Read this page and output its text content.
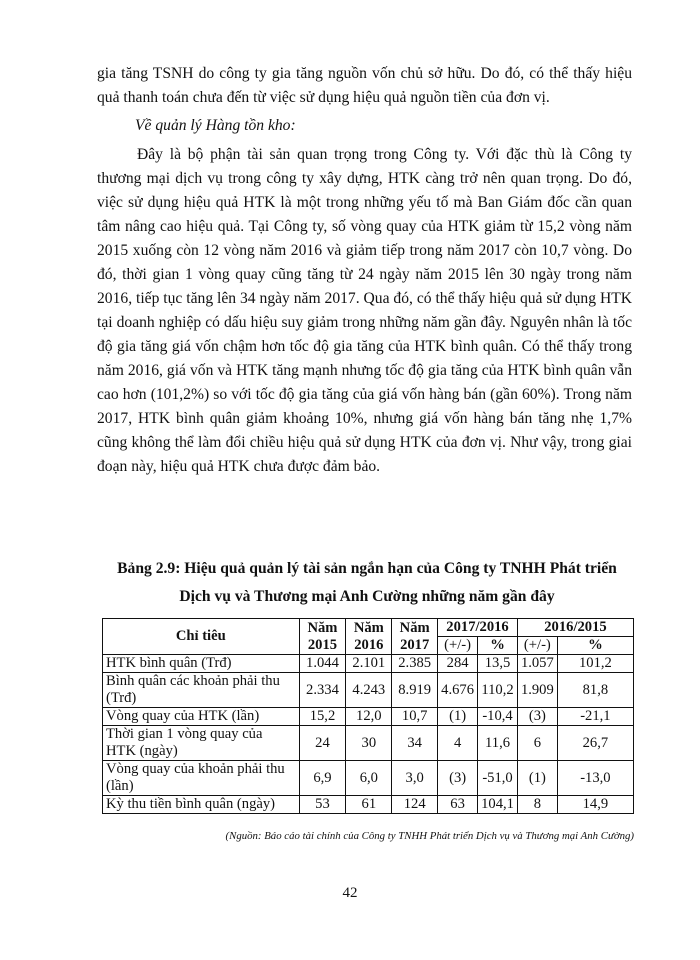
gia tăng TSNH do công ty gia tăng nguồn vốn chủ sở hữu. Do đó, có thể thấy hiệu quả thanh toán chưa đến từ việc sử dụng hiệu quả nguồn tiền của đơn vị.

Về quản lý Hàng tồn kho:

Đây là bộ phận tài sản quan trọng trong Công ty. Với đặc thù là Công ty thương mại dịch vụ trong công ty xây dựng, HTK càng trở nên quan trọng. Do đó, việc sử dụng hiệu quả HTK là một trong những yếu tố mà Ban Giám đốc cần quan tâm nâng cao hiệu quả. Tại Công ty, số vòng quay của HTK giảm từ 15,2 vòng năm 2015 xuống còn 12 vòng năm 2016 và giảm tiếp trong năm 2017 còn 10,7 vòng. Do đó, thời gian 1 vòng quay cũng tăng từ 24 ngày năm 2015 lên 30 ngày trong năm 2016, tiếp tục tăng lên 34 ngày năm 2017. Qua đó, có thể thấy hiệu quả sử dụng HTK tại doanh nghiệp có dấu hiệu suy giảm trong những năm gần đây. Nguyên nhân là tốc độ gia tăng giá vốn chậm hơn tốc độ gia tăng của HTK bình quân. Có thể thấy trong năm 2016, giá vốn và HTK tăng mạnh nhưng tốc độ gia tăng của HTK bình quân vẫn cao hơn (101,2%) so với tốc độ gia tăng của giá vốn hàng bán (gần 60%). Trong năm 2017, HTK bình quân giảm khoảng 10%, nhưng giá vốn hàng bán tăng nhẹ 1,7% cũng không thể làm đổi chiều hiệu quả sử dụng HTK của đơn vị. Như vậy, trong giai đoạn này, hiệu quả HTK chưa được đảm bảo.

Bảng 2.9: Hiệu quả quản lý tài sản ngắn hạn của Công ty TNHH Phát triển

Dịch vụ và Thương mại Anh Cường những năm gần đây

Chỉ tiêu	Năm 2015	Năm 2016	Năm 2017	2017/2016		2016/2015	
				(+/-)	%	(+/-)	%
HTK bình quân (Trđ)	1.044	2.101	2.385	284	13,5	1.057	101,2
Bình quân các khoản phải thu (Trđ)	2.334	4.243	8.919	4.676	110,2	1.909	81,8
Vòng quay của HTK (lần)	15,2	12,0	10,7	(1)	-10,4	(3)	-21,1
Thời gian 1 vòng quay của HTK (ngày)	24	30	34	4	11,6	6	26,7
Vòng quay của khoản phải thu (lần)	6,9	6,0	3,0	(3)	-51,0	(1)	-13,0
Kỳ thu tiền bình quân (ngày)	53	61	124	63	104,1	8	14,9

(Nguồn: Báo cáo tài chính của Công ty TNHH Phát triển Dịch vụ và Thương mại Anh Cường)

42
